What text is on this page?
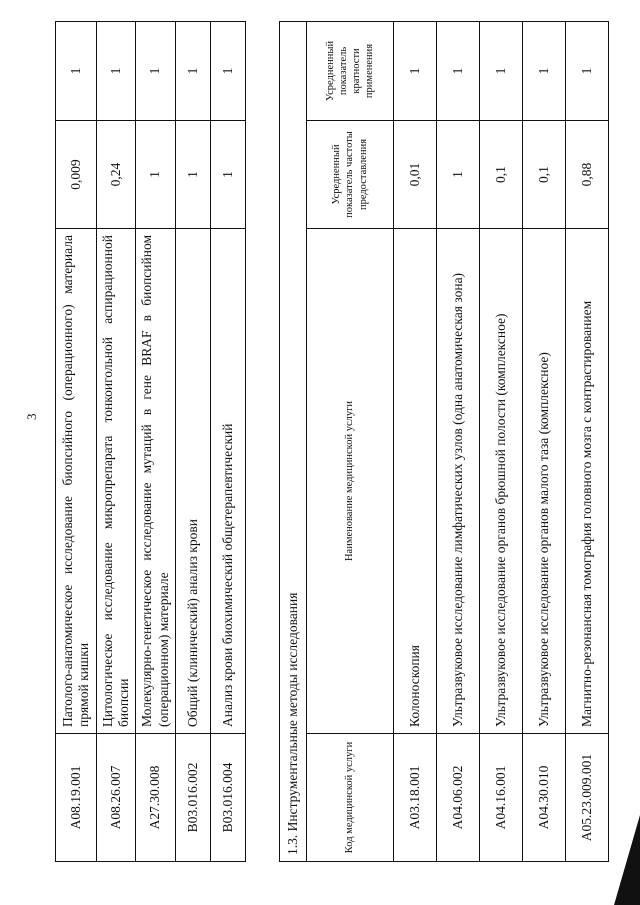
3
A08.19.001	Патолого-анатомическое исследование биопсийного (операционного) материала прямой кишки	0,009	1
A08.26.007	Цитологическое исследование микропрепарата тонкоигольной аспирационной биопсии	0,24	1
A27.30.008	Молекулярно-генетическое исследование мутаций в гене BRAF в биопсийном (операционном) материале	1	1
B03.016.002	Общий (клинический) анализ крови	1	1
B03.016.004	Анализ крови биохимический общетерапевтический	1	1
1.3. Инструментальные методы исследования			
Код медицинской услуги	Наименование медицинской услуги	Усредненный показатель частоты предоставления	Усредненный показатель кратности применения
A03.18.001	Колоноскопия	0,01	1
A04.06.002	Ультразвуковое исследование лимфатических узлов (одна анатомическая зона)	1	1
A04.16.001	Ультразвуковое исследование органов брюшной полости (комплексное)	0,1	1
A04.30.010	Ультразвуковое исследование органов малого таза (комплексное)	0,1	1
A05.23.009.001	Магнитно-резонансная томография головного мозга с контрастированием	0,88	1
